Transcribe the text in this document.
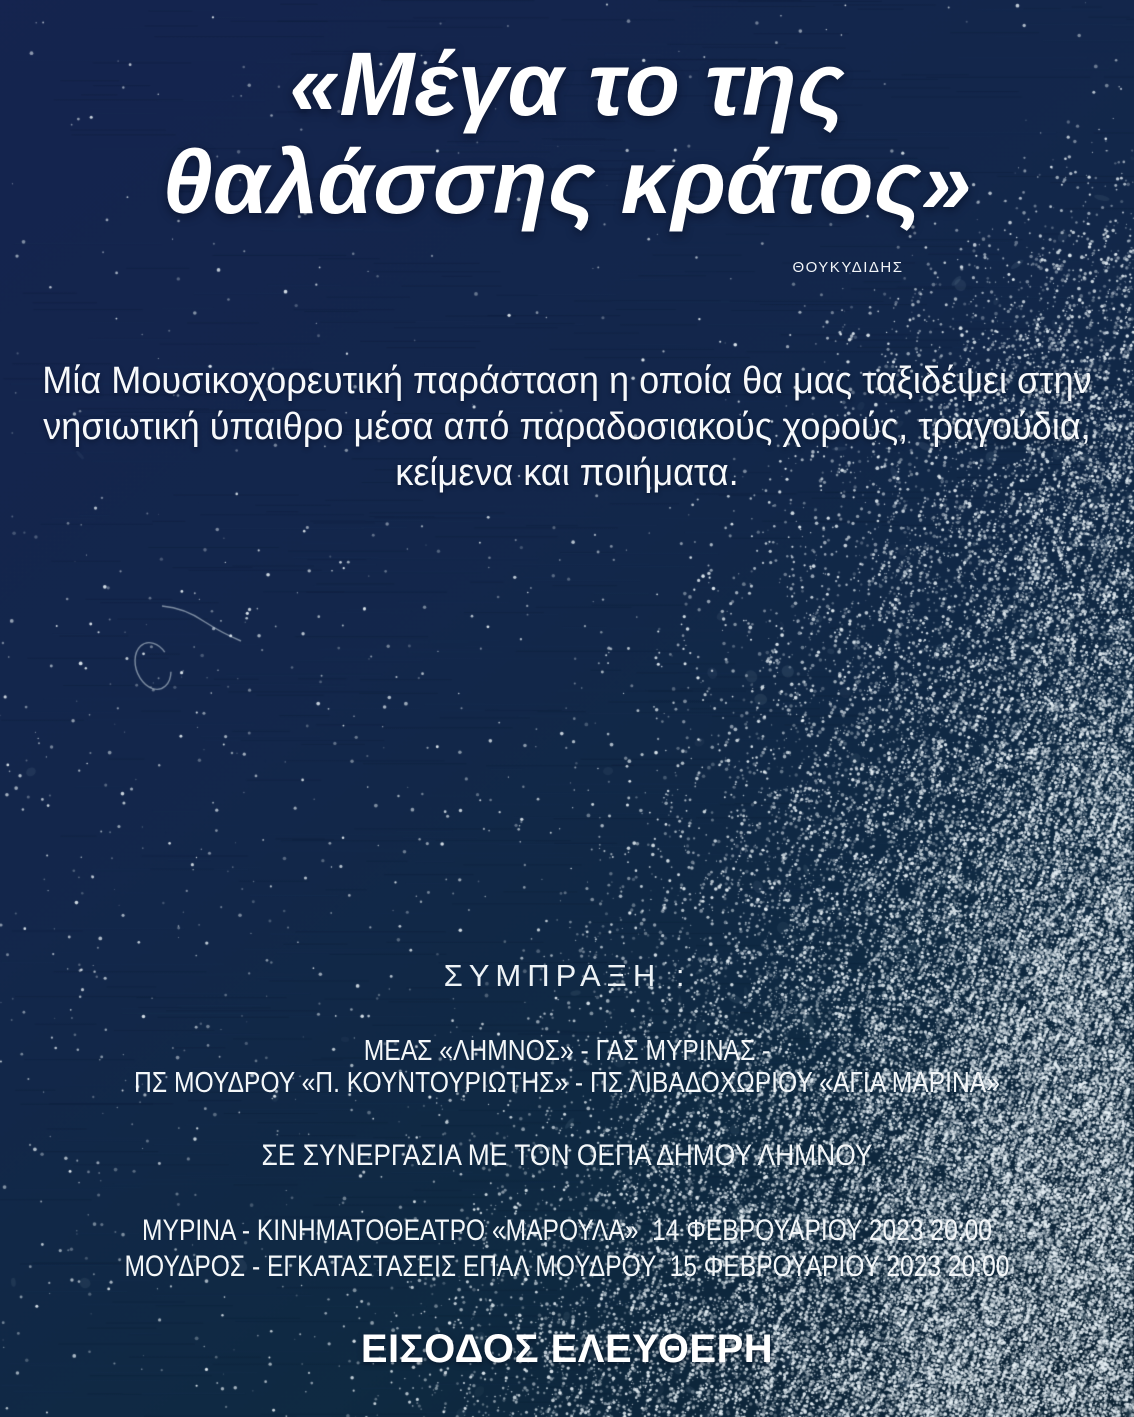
«Μέγα το της
θαλάσσης κράτος»
ΘΟΥΚΥΔΙΔΗΣ
Μία Μουσικοχορευτική παράσταση η οποία θα μας ταξιδέψει στην
νησιωτική ύπαιθρο μέσα από παραδοσιακούς χορούς, τραγούδια,
κείμενα και ποιήματα.
ΣΥΜΠΡΑΞΗ :
ΜΕΑΣ «ΛΗΜΝΟΣ» - ΓΑΣ ΜΥΡΙΝΑΣ -
ΠΣ ΜΟΥΔΡΟΥ «Π. ΚΟΥΝΤΟΥΡΙΩΤΗΣ» - ΠΣ ΛΙΒΑΔΟΧΩΡΙΟΥ «ΑΓΙΑ ΜΑΡΙΝΑ»
ΣΕ ΣΥΝΕΡΓΑΣΙΑ ΜΕ ΤΟΝ ΟΕΠΑ ΔΗΜΟΥ ΛΗΜΝΟΥ
ΜΥΡΙΝΑ - ΚΙΝΗΜΑΤΟΘΕΑΤΡΟ «ΜΑΡΟΥΛΑ»  14 ΦΕΒΡΟΥΑΡΙΟΥ 2023 20:00
ΜΟΥΔΡΟΣ - ΕΓΚΑΤΑΣΤΑΣΕΙΣ ΕΠΑΛ ΜΟΥΔΡΟΥ  15 ΦΕΒΡΟΥΑΡΙΟΥ 2023 20:00
ΕΙΣΟΔΟΣ ΕΛΕΥΘΕΡΗ
